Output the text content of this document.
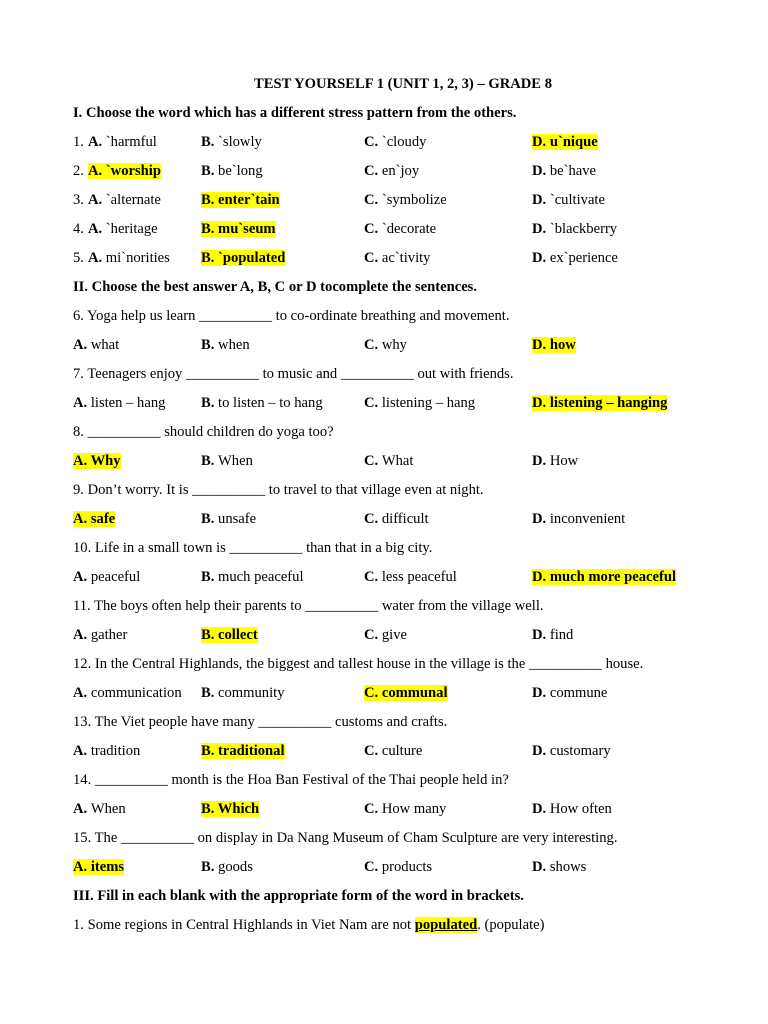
TEST YOURSELF 1 (UNIT 1, 2, 3) – GRADE 8
I. Choose the word which has a different stress pattern from the others.
1. A. `harmful	B. `slowly	C. `cloudy	D. u`nique
2. A. `worship	B. be`long	C. en`joy	D. be`have
3. A. `alternate	B. enter`tain	C. `symbolize	D. `cultivate
4. A. `heritage	B. mu`seum	C. `decorate	D. `blackberry
5. A. mi`norities	B. `populated	C. ac`tivity	D. ex`perience
II. Choose the best answer A, B, C or D tocomplete the sentences.
6. Yoga help us learn __________ to co-ordinate breathing and movement.
A. what	B. when	C. why	D. how
7. Teenagers enjoy __________ to music and __________ out with friends.
A. listen – hang	B. to listen – to hang	C. listening – hang	D. listening – hanging
8. __________ should children do yoga too?
A. Why	B. When	C. What	D. How
9. Don’t worry. It is __________ to travel to that village even at night.
A. safe	B. unsafe	C. difficult	D. inconvenient
10. Life in a small town is __________ than that in a big city.
A. peaceful	B. much peaceful	C. less peaceful	D. much more peaceful
11. The boys often help their parents to __________ water from the village well.
A. gather	B. collect	C. give	D. find
12. In the Central Highlands, the biggest and tallest house in the village is the __________ house.
A. communication	B. community	C. communal	D. commune
13. The Viet people have many __________ customs and crafts.
A. tradition	B. traditional	C. culture	D. customary
14. __________ month is the Hoa Ban Festival of the Thai people held in?
A. When	B. Which	C. How many	D. How often
15. The __________ on display in Da Nang Museum of Cham Sculpture are very interesting.
A. items	B. goods	C. products	D. shows
III. Fill in each blank with the appropriate form of the word in brackets.
1. Some regions in Central Highlands in Viet Nam are not populated. (populate)
